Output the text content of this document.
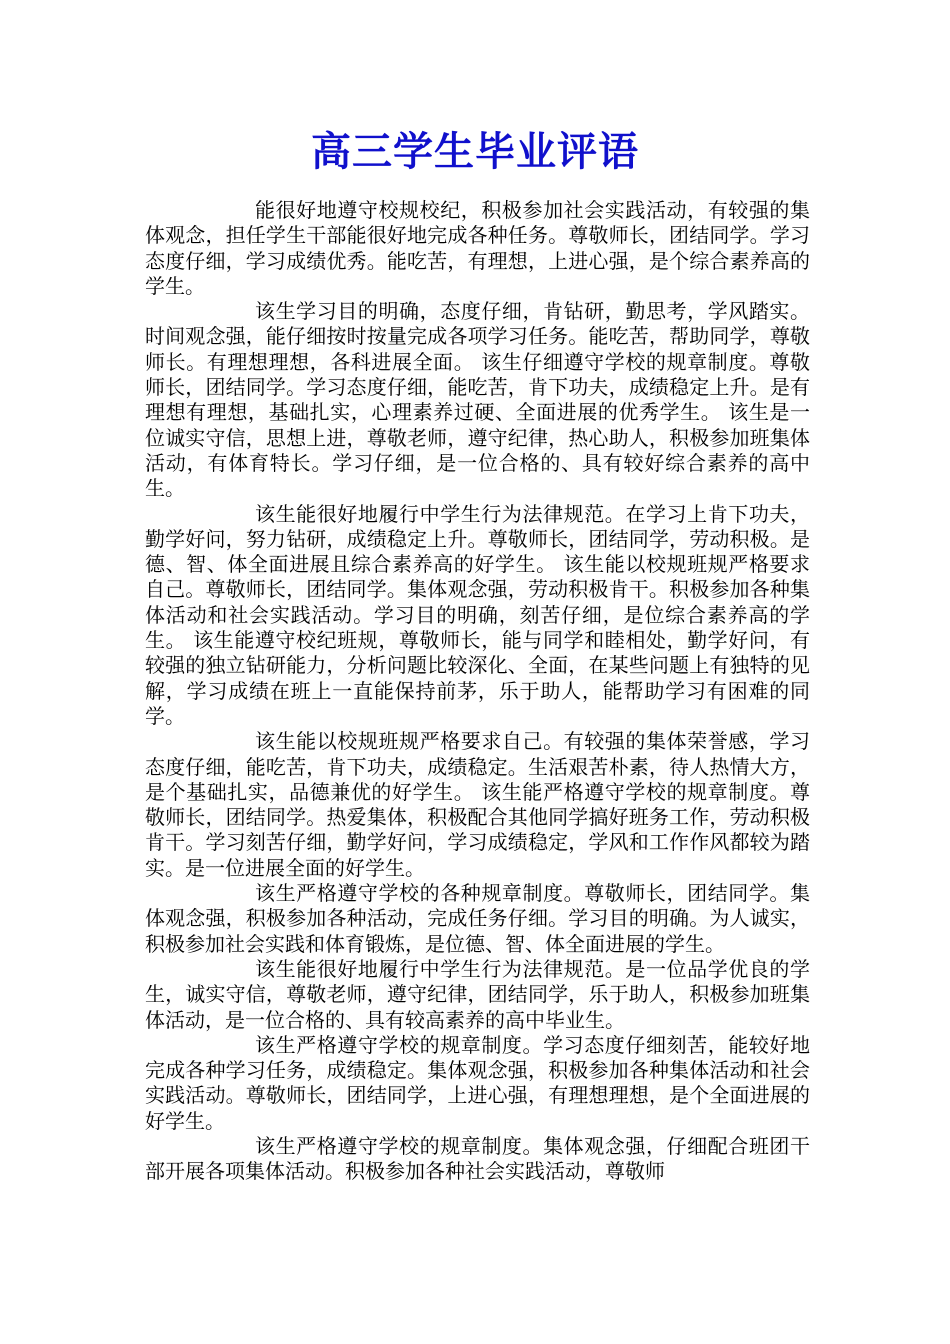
高三学生毕业评语

能很好地遵守校规校纪，积极参加社会实践活动，有较强的集体观念，担任学生干部能很好地完成各种任务。尊敬师长，团结同学。学习态度仔细，学习成绩优秀。能吃苦，有理想，上进心强，是个综合素养高的学生。

该生学习目的明确，态度仔细，肯钻研，勤思考，学风踏实。时间观念强，能仔细按时按量完成各项学习任务。能吃苦，帮助同学，尊敬师长。有理想理想，各科进展全面。 该生仔细遵守学校的规章制度。尊敬师长，团结同学。学习态度仔细，能吃苦，肯下功夫，成绩稳定上升。是有理想有理想，基础扎实，心理素养过硬、全面进展的优秀学生。 该生是一位诚实守信，思想上进，尊敬老师，遵守纪律，热心助人，积极参加班集体活动，有体育特长。学习仔细，是一位合格的、具有较好综合素养的高中生。

该生能很好地履行中学生行为法律规范。在学习上肯下功夫，勤学好问，努力钻研，成绩稳定上升。尊敬师长，团结同学，劳动积极。是德、智、体全面进展且综合素养高的好学生。 该生能以校规班规严格要求自己。尊敬师长，团结同学。集体观念强，劳动积极肯干。积极参加各种集体活动和社会实践活动。学习目的明确，刻苦仔细，是位综合素养高的学生。 该生能遵守校纪班规，尊敬师长，能与同学和睦相处，勤学好问，有较强的独立钻研能力，分析问题比较深化、全面，在某些问题上有独特的见解，学习成绩在班上一直能保持前茅，乐于助人，能帮助学习有困难的同学。

该生能以校规班规严格要求自己。有较强的集体荣誉感，学习态度仔细，能吃苦，肯下功夫，成绩稳定。生活艰苦朴素，待人热情大方，是个基础扎实，品德兼优的好学生。 该生能严格遵守学校的规章制度。尊敬师长，团结同学。热爱集体，积极配合其他同学搞好班务工作，劳动积极肯干。学习刻苦仔细，勤学好问，学习成绩稳定，学风和工作作风都较为踏实。是一位进展全面的好学生。

该生严格遵守学校的各种规章制度。尊敬师长，团结同学。集体观念强，积极参加各种活动，完成任务仔细。学习目的明确。为人诚实，积极参加社会实践和体育锻炼，是位德、智、体全面进展的学生。

该生能很好地履行中学生行为法律规范。是一位品学优良的学生，诚实守信，尊敬老师，遵守纪律，团结同学，乐于助人，积极参加班集体活动，是一位合格的、具有较高素养的高中毕业生。

该生严格遵守学校的规章制度。学习态度仔细刻苦，能较好地完成各种学习任务，成绩稳定。集体观念强，积极参加各种集体活动和社会实践活动。尊敬师长，团结同学，上进心强，有理想理想，是个全面进展的好学生。

该生严格遵守学校的规章制度。集体观念强，仔细配合班团干部开展各项集体活动。积极参加各种社会实践活动，尊敬师
